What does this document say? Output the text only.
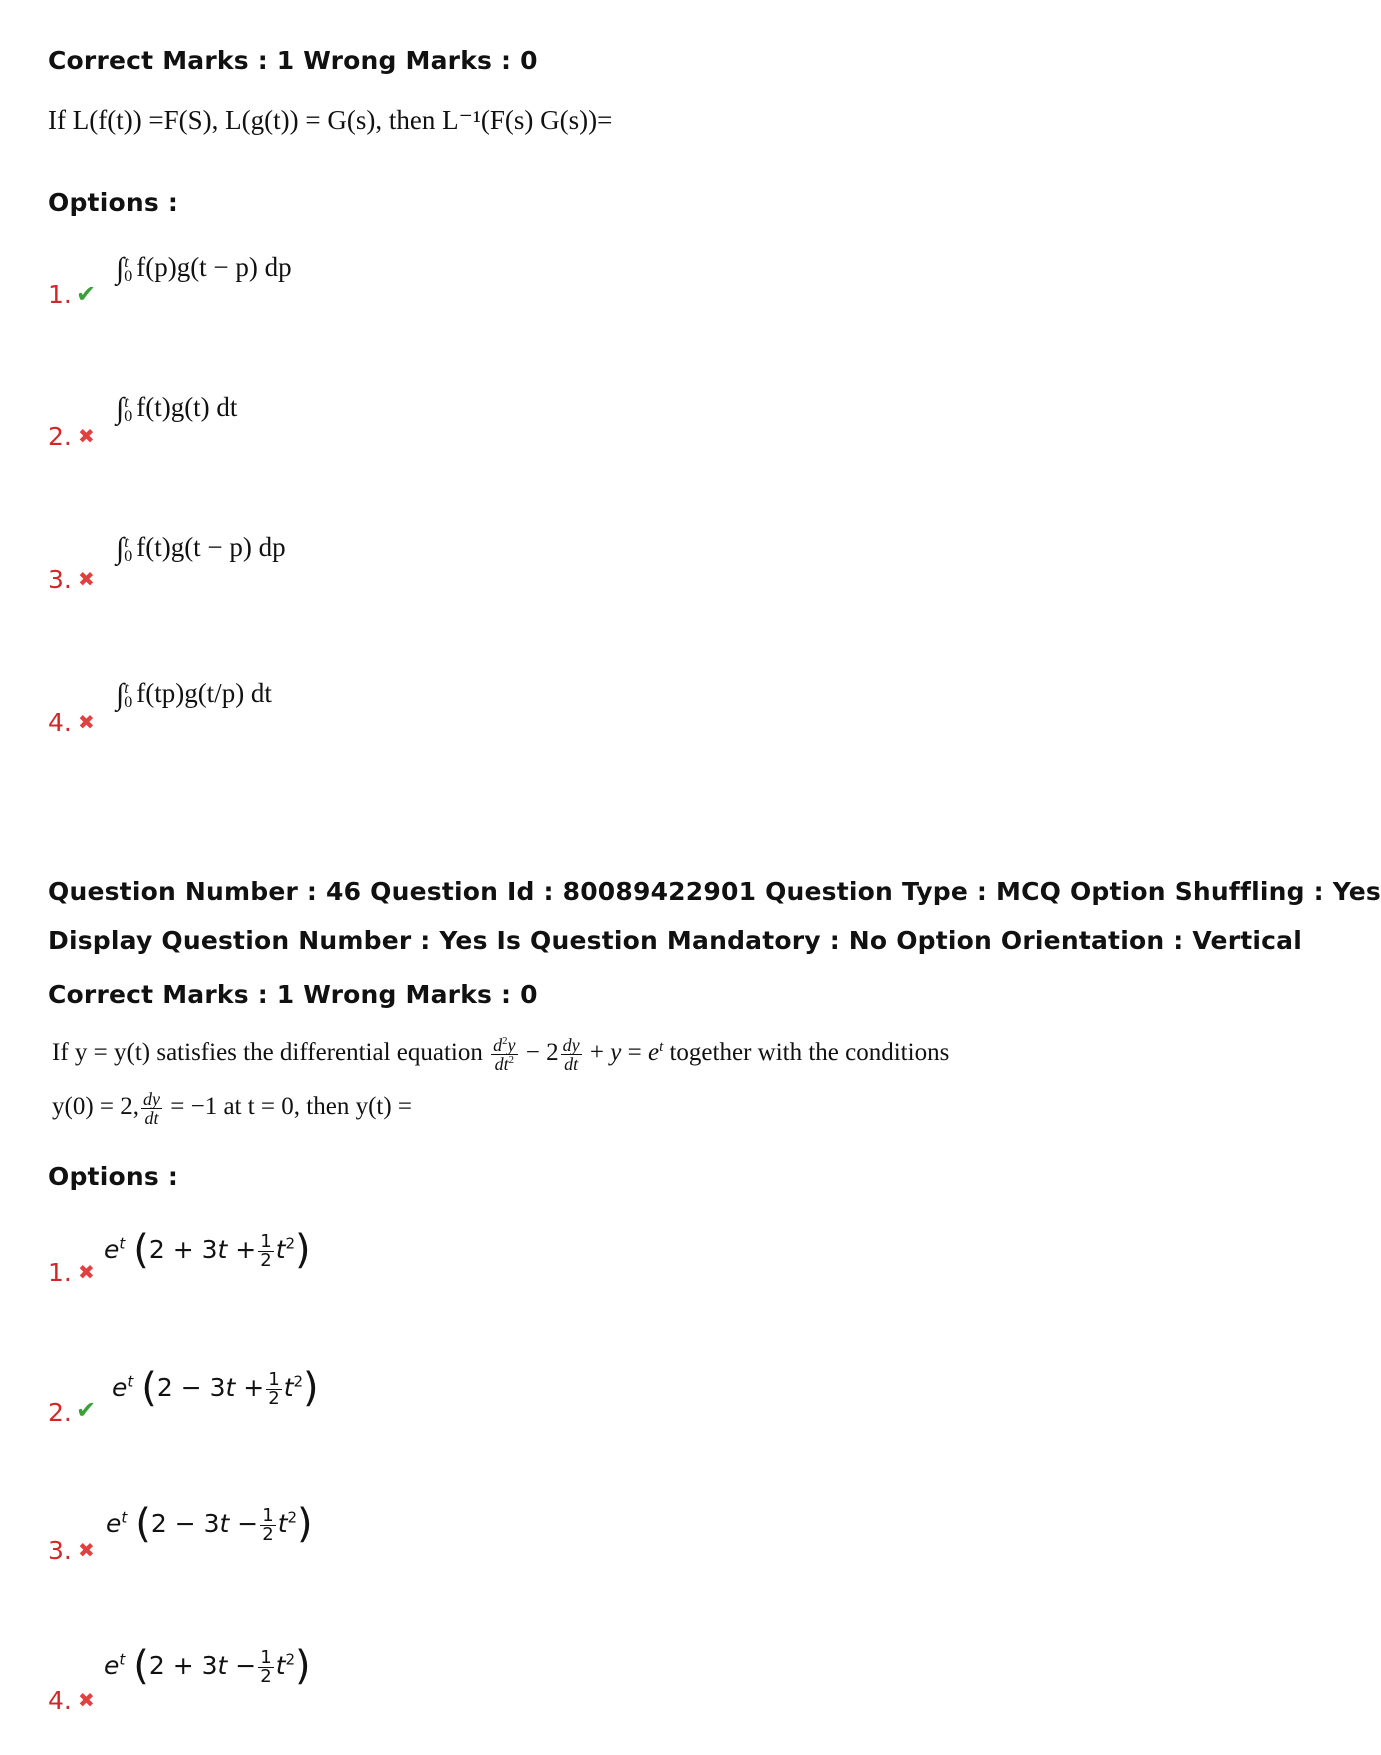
Correct Marks : 1 Wrong Marks : 0
If L(f(t)) =F(S), L(g(t)) = G(s), then L⁻¹(F(s) G(s))=
Options :
∫t
0 f(p)g(t − p) dp
1. ✔
∫t
0 f(t)g(t) dt
2. ✖
∫t
0 f(t)g(t − p) dp
3. ✖
∫t
0 f(tp)g(t/p) dt
4. ✖
Question Number : 46 Question Id : 80089422901 Question Type : MCQ Option Shuffling : Yes
Display Question Number : Yes Is Question Mandatory : No Option Orientation : Vertical
Correct Marks : 1 Wrong Marks : 0
If y = y(t) satisfies the differential equation $\frac{d^2y}{dt^2} - 2 \frac{dy}{dt} + y = e^t$ together with the conditions
y(0) = 2, $\frac{dy}{dt} = -1$ at t = 0, then y(t) =
Options :
$e^t$ $(2 + 3t + \frac{1}{2} t^2)$
1. ✖
$e^t$ $(2 - 3t + \frac{1}{2} t^2)$
2. ✔
$e^t$ $(2 - 3t - \frac{1}{2} t^2)$
3. ✖
$e^t$ $(2 + 3t - \frac{1}{2} t^2)$
4. ✖
